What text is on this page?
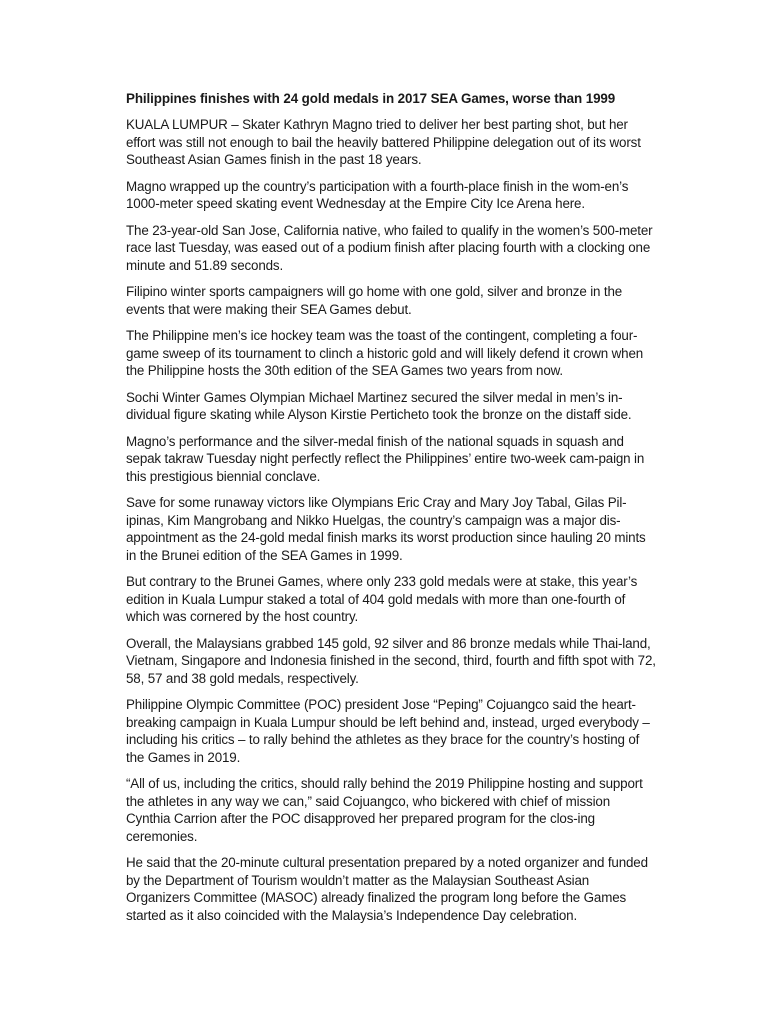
Philippines finishes with 24 gold medals in 2017 SEA Games, worse than 1999

KUALA LUMPUR – Skater Kathryn Magno tried to deliver her best parting shot, but her effort was still not enough to bail the heavily battered Philippine delegation out of its worst Southeast Asian Games finish in the past 18 years.

Magno wrapped up the country’s participation with a fourth-place finish in the wom-en’s 1000-meter speed skating event Wednesday at the Empire City Ice Arena here.

The 23-year-old San Jose, California native, who failed to qualify in the women’s 500-meter race last Tuesday, was eased out of a podium finish after placing fourth with a clocking one minute and 51.89 seconds.

Filipino winter sports campaigners will go home with one gold, silver and bronze in the events that were making their SEA Games debut.

The Philippine men’s ice hockey team was the toast of the contingent, completing a four-game sweep of its tournament to clinch a historic gold and will likely defend it crown when the Philippine hosts the 30th edition of the SEA Games two years from now.

Sochi Winter Games Olympian Michael Martinez secured the silver medal in men’s in-dividual figure skating while Alyson Kirstie Perticheto took the bronze on the distaff side.

Magno’s performance and the silver-medal finish of the national squads in squash and sepak takraw Tuesday night perfectly reflect the Philippines’ entire two-week cam-paign in this prestigious biennial conclave.

Save for some runaway victors like Olympians Eric Cray and Mary Joy Tabal, Gilas Pil-ipinas, Kim Mangrobang and Nikko Huelgas, the country’s campaign was a major dis-appointment as the 24-gold medal finish marks its worst production since hauling 20 mints in the Brunei edition of the SEA Games in 1999.

But contrary to the Brunei Games, where only 233 gold medals were at stake, this year’s edition in Kuala Lumpur staked a total of 404 gold medals with more than one-fourth of which was cornered by the host country.

Overall, the Malaysians grabbed 145 gold, 92 silver and 86 bronze medals while Thai-land, Vietnam, Singapore and Indonesia finished in the second, third, fourth and fifth spot with 72, 58, 57 and 38 gold medals, respectively.

Philippine Olympic Committee (POC) president Jose “Peping” Cojuangco said the heart-breaking campaign in Kuala Lumpur should be left behind and, instead, urged everybody – including his critics – to rally behind the athletes as they brace for the country’s hosting of the Games in 2019.

“All of us, including the critics, should rally behind the 2019 Philippine hosting and support the athletes in any way we can,” said Cojuangco, who bickered with chief of mission Cynthia Carrion after the POC disapproved her prepared program for the clos-ing ceremonies.

He said that the 20-minute cultural presentation prepared by a noted organizer and funded by the Department of Tourism wouldn’t matter as the Malaysian Southeast Asian Organizers Committee (MASOC) already finalized the program long before the Games started as it also coincided with the Malaysia’s Independence Day celebration.
